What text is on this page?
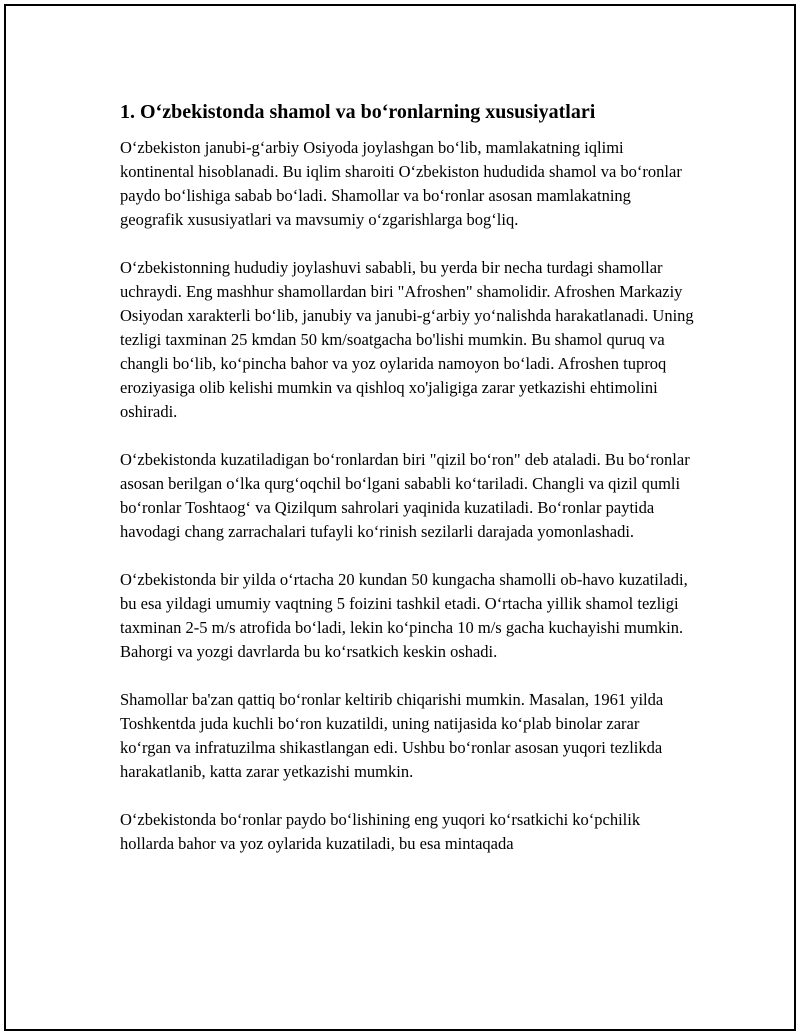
1. O‘zbekistonda shamol va bo‘ronlarning xususiyatlari

O‘zbekiston janubi-g‘arbiy Osiyoda joylashgan bo‘lib, mamlakatning iqlimi kontinental hisoblanadi. Bu iqlim sharoiti O‘zbekiston hududida shamol va bo‘ronlar paydo bo‘lishiga sabab bo‘ladi. Shamollar va bo‘ronlar asosan mamlakatning geografik xususiyatlari va mavsumiy o‘zgarishlarga bog‘liq.

O‘zbekistonning hududiy joylashuvi sababli, bu yerda bir necha turdagi shamollar uchraydi. Eng mashhur shamollardan biri "Afroshen" shamolidir. Afroshen Markaziy Osiyodan xarakterli bo‘lib, janubiy va janubi-g‘arbiy yo‘nalishda harakatlanadi. Uning tezligi taxminan 25 kmdan 50 km/soatgacha bo'lishi mumkin. Bu shamol quruq va changli bo‘lib, ko‘pincha bahor va yoz oylarida namoyon bo‘ladi. Afroshen tuproq eroziyasiga olib kelishi mumkin va qishloq xo'jaligiga zarar yetkazishi ehtimolini oshiradi.

O‘zbekistonda kuzatiladigan bo‘ronlardan biri "qizil bo‘ron" deb ataladi. Bu bo‘ronlar asosan berilgan o‘lka qurg‘oqchil bo‘lgani sababli ko‘tariladi. Changli va qizil qumli bo‘ronlar Toshtaog‘ va Qizilqum sahrolari yaqinida kuzatiladi. Bo‘ronlar paytida havodagi chang zarrachalari tufayli ko‘rinish sezilarli darajada yomonlashadi.

O‘zbekistonda bir yilda o‘rtacha 20 kundan 50 kungacha shamolli ob-havo kuzatiladi, bu esa yildagi umumiy vaqtning 5 foizini tashkil etadi. O‘rtacha yillik shamol tezligi taxminan 2-5 m/s atrofida bo‘ladi, lekin ko‘pincha 10 m/s gacha kuchayishi mumkin. Bahorgi va yozgi davrlarda bu ko‘rsatkich keskin oshadi.

Shamollar ba'zan qattiq bo‘ronlar keltirib chiqarishi mumkin. Masalan, 1961 yilda Toshkentda juda kuchli bo‘ron kuzatildi, uning natijasida ko‘plab binolar zarar ko‘rgan va infratuzilma shikastlangan edi. Ushbu bo‘ronlar asosan yuqori tezlikda harakatlanib, katta zarar yetkazishi mumkin.

O‘zbekistonda bo‘ronlar paydo bo‘lishining eng yuqori ko‘rsatkichi ko‘pchilik hollarda bahor va yoz oylarida kuzatiladi, bu esa mintaqada
